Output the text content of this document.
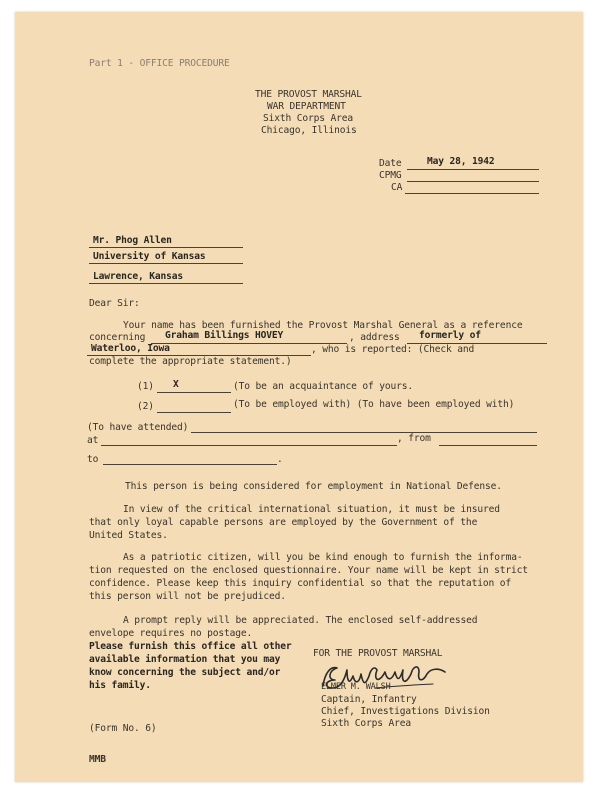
Part 1 - OFFICE PROCEDURE
THE PROVOST MARSHAL
WAR DEPARTMENT
Sixth Corps Area
Chicago, Illinois
Date	May 28, 1942
CPMG
CA
Mr. Phog Allen
University of Kansas
Lawrence, Kansas
Dear Sir:
Your name has been furnished the Provost Marshal General as a reference
concerning Graham Billings HOVEY	, address formerly of
Waterloo, Iowa	, who is reported: (Check and
complete the appropriate statement.)
(1) X	(To be an acquaintance of yours.
(2)	(To be employed with) (To have been employed with)
(To have attended)
at	, from
to	.
This person is being considered for employment in National Defense.
In view of the critical international situation, it must be insured
that only loyal capable persons are employed by the Government of the
United States.
As a patriotic citizen, will you be kind enough to furnish the informa-
tion requested on the enclosed questionnaire. Your name will be kept in strict
confidence. Please keep this inquiry confidential so that the reputation of
this person will not be prejudiced.
A prompt reply will be appreciated. The enclosed self-addressed
envelope requires no postage.
Please furnish this office all other
available information that you may
know concerning the subject and/or
his family.
FOR THE PROVOST MARSHAL
ELMER M. WALSH
Captain, Infantry
Chief, Investigations Division
Sixth Corps Area
(Form No. 6)
MMB
